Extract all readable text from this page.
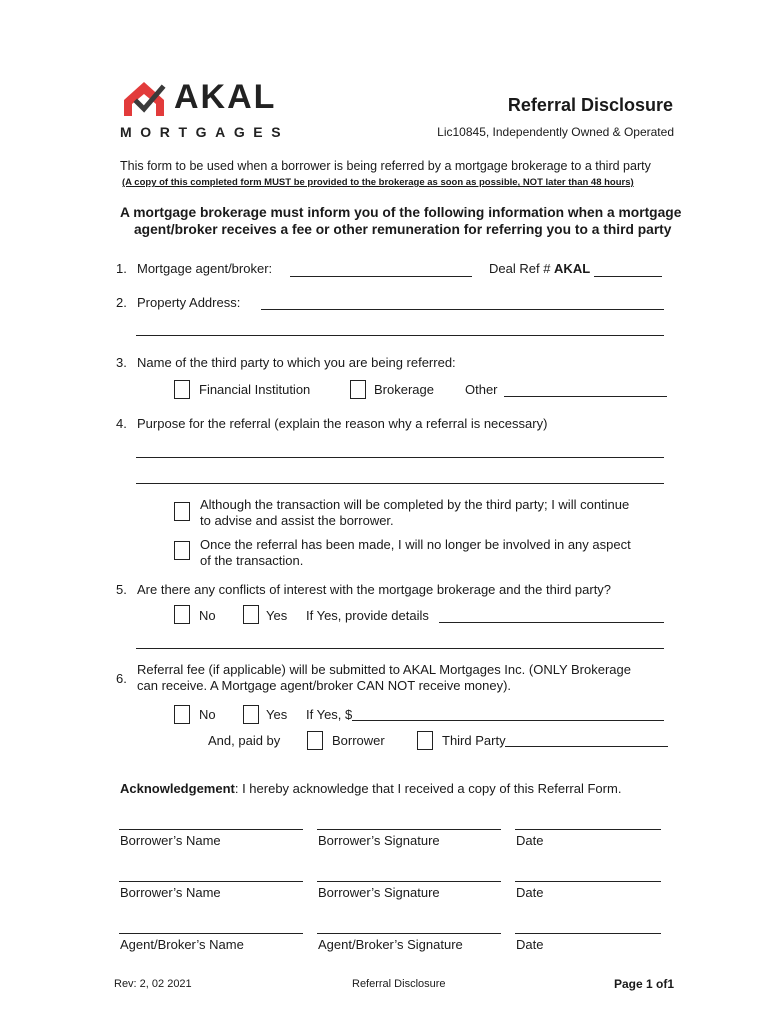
AKAL
MORTGAGES
Referral Disclosure
Lic10845, Independently Owned & Operated
This form to be used when a borrower is being referred by a mortgage brokerage to a third party
(A copy of this completed form MUST be provided to the brokerage as soon as possible, NOT later than 48 hours)
A mortgage brokerage must inform you of the following information when a mortgage
agent/broker receives a fee or other remuneration for referring you to a third party
1. Mortgage agent/broker:	Deal Ref # AKAL
2. Property Address:
3. Name of the third party to which you are being referred:
Financial Institution	Brokerage Other
4. Purpose for the referral (explain the reason why a referral is necessary)
Although the transaction will be completed by the third party; I will continue
to advise and assist the borrower.
Once the referral has been made, I will no longer be involved in any aspect
of the transaction.
5. Are there any conflicts of interest with the mortgage brokerage and the third party?
No	Yes If Yes, provide details
6.
Referral fee (if applicable) will be submitted to AKAL Mortgages Inc. (ONLY Brokerage
can receive. A Mortgage agent/broker CAN NOT receive money).
No	Yes If Yes, $
And, paid by	Borrower	Third Party
Acknowledgement: I hereby acknowledge that I received a copy of this Referral Form.
Borrower’s Name	Borrower’s Signature	Date
Borrower’s Name	Borrower’s Signature	Date
Agent/Broker’s Name	Agent/Broker’s Signature	Date
Rev: 2, 02 2021	Referral Disclosure	Page 1 of1
